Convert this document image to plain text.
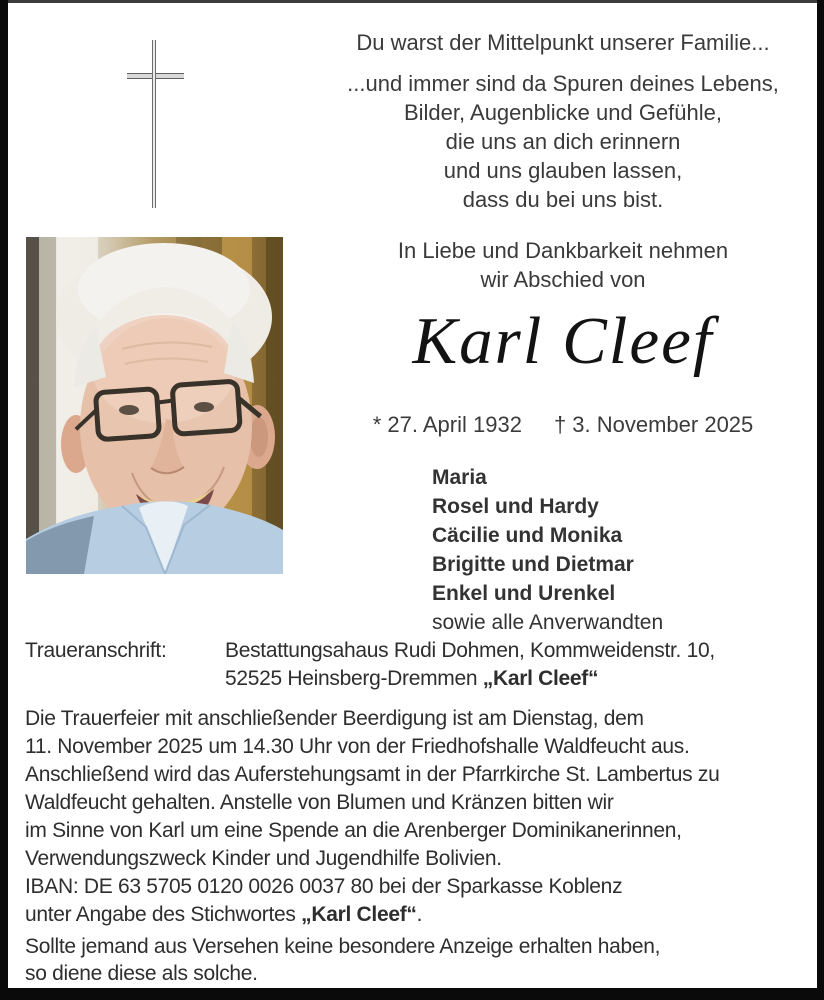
Du warst der Mittelpunkt unserer Familie...
...und immer sind da Spuren deines Lebens,
Bilder, Augenblicke und Gefühle,
die uns an dich erinnern
und uns glauben lassen,
dass du bei uns bist.
In Liebe und Dankbarkeit nehmen
wir Abschied von
Karl Cleef
* 27. April 1932 † 3. November 2025
Maria
Rosel und Hardy
Cäcilie und Monika
Brigitte und Dietmar
Enkel und Urenkel
sowie alle Anverwandten
Traueranschrift:	Bestattungsahaus Rudi Dohmen, Kommweidenstr. 10,
52525 Heinsberg-Dremmen „Karl Cleef“
Die Trauerfeier mit anschließender Beerdigung ist am Dienstag, dem
11. November 2025 um 14.30 Uhr von der Friedhofshalle Waldfeucht aus.
Anschließend wird das Auferstehungsamt in der Pfarrkirche St. Lambertus zu
Waldfeucht gehalten. Anstelle von Blumen und Kränzen bitten wir
im Sinne von Karl um eine Spende an die Arenberger Dominikanerinnen,
Verwendungszweck Kinder und Jugendhilfe Bolivien.
IBAN: DE 63 5705 0120 0026 0037 80 bei der Sparkasse Koblenz
unter Angabe des Stichwortes „Karl Cleef“.
Sollte jemand aus Versehen keine besondere Anzeige erhalten haben,
so diene diese als solche.
